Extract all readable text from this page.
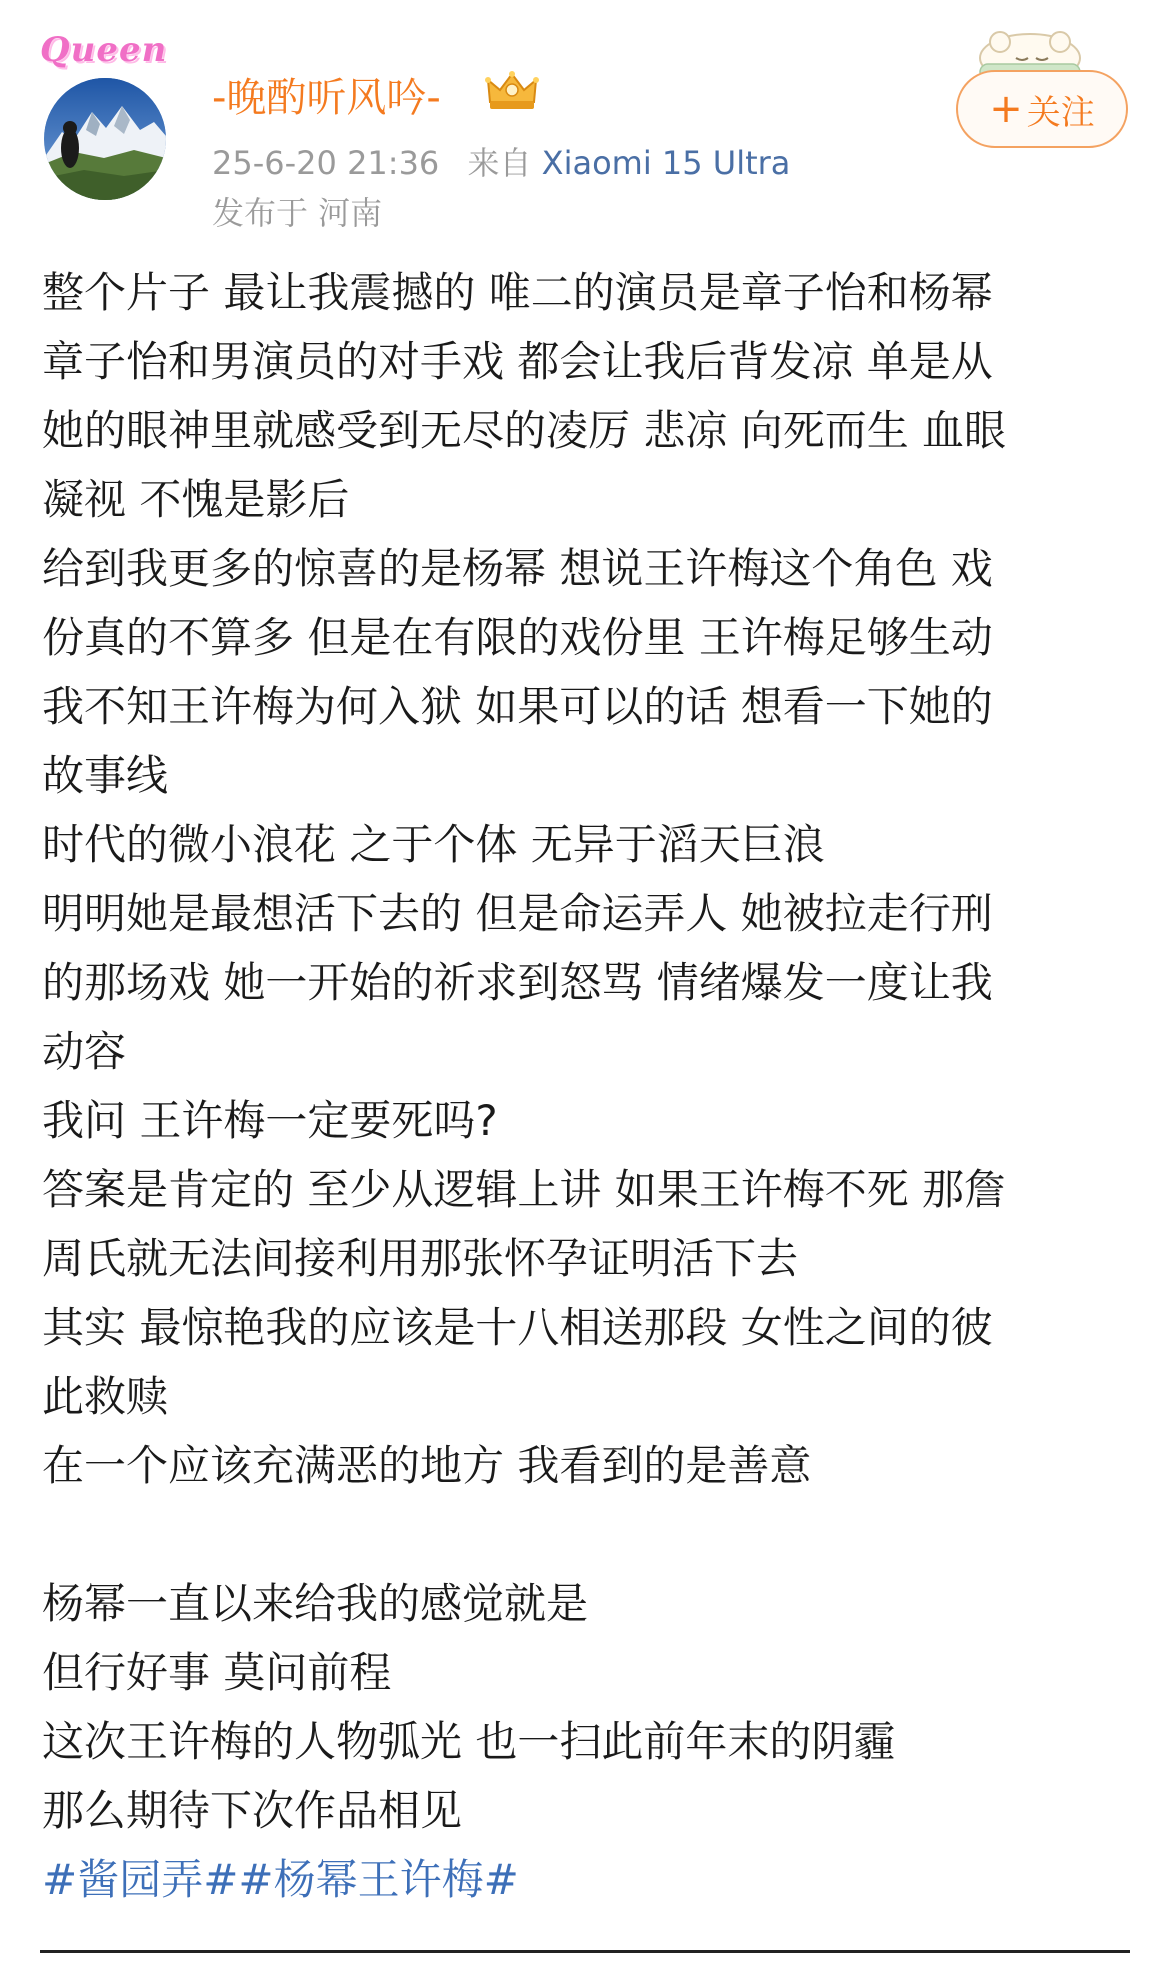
Queen
-晚酌听风吟-
25-6-20 21:36 来自 Xiaomi 15 Ultra
发布于 河南
+ 关注
整个片子 最让我震撼的 唯二的演员是章子怡和杨幂
章子怡和男演员的对手戏 都会让我后背发凉 单是从
她的眼神里就感受到无尽的凌厉 悲凉 向死而生 血眼
凝视 不愧是影后
给到我更多的惊喜的是杨幂 想说王许梅这个角色 戏
份真的不算多 但是在有限的戏份里 王许梅足够生动
我不知王许梅为何入狱 如果可以的话 想看一下她的
故事线
时代的微小浪花 之于个体 无异于滔天巨浪
明明她是最想活下去的 但是命运弄人 她被拉走行刑
的那场戏 她一开始的祈求到怒骂 情绪爆发一度让我
动容
我问 王许梅一定要死吗?
答案是肯定的 至少从逻辑上讲 如果王许梅不死 那詹
周氏就无法间接利用那张怀孕证明活下去
其实 最惊艳我的应该是十八相送那段 女性之间的彼
此救赎
在一个应该充满恶的地方 我看到的是善意
杨幂一直以来给我的感觉就是
但行好事 莫问前程
这次王许梅的人物弧光 也一扫此前年末的阴霾
那么期待下次作品相见
#酱园弄##杨幂王许梅#
